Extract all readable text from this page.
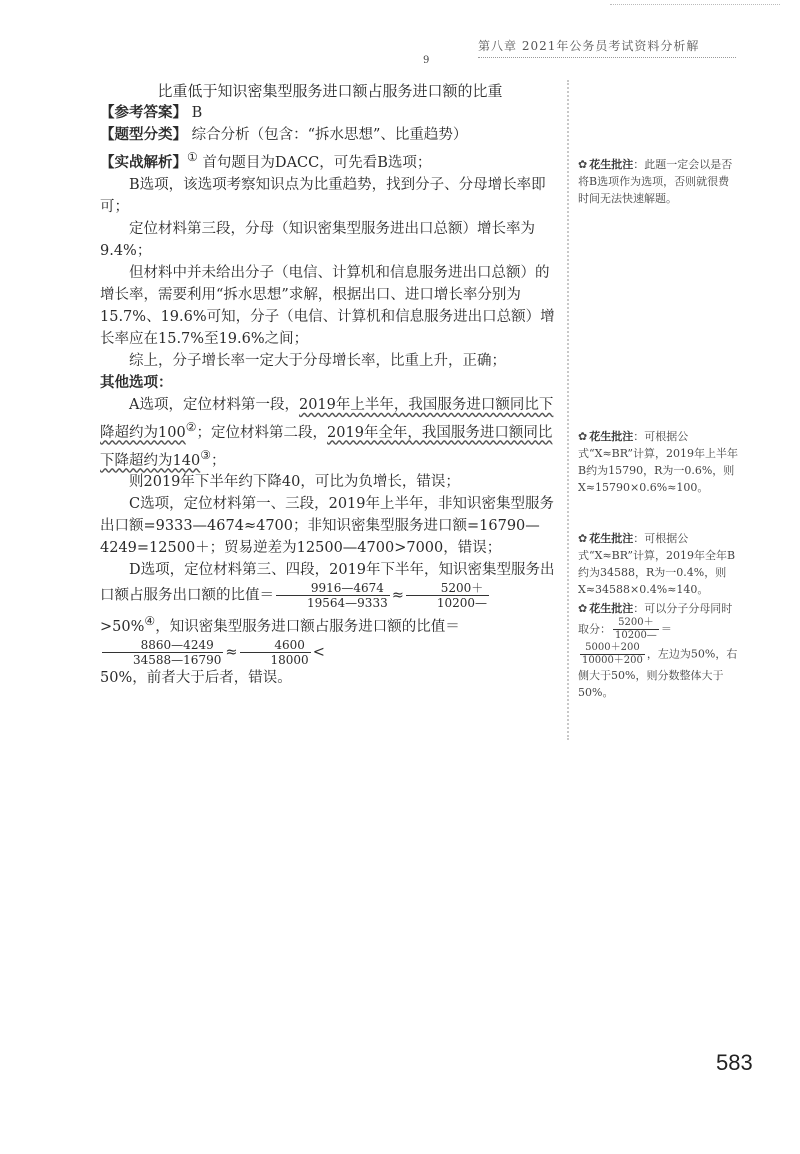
第八章 2021年公务员考试资料分析解
9

比重低于知识密集型服务进口额占服务进口额的比重

【参考答案】 B

【题型分类】 综合分析（包含：“拆水思想”、比重趋势）

【实战解析】① 首句题目为DACC，可先看B选项；

B选项，该选项考察知识点为比重趋势，找到分子、分母增长率即可；

定位材料第三段，分母（知识密集型服务进出口总额）增长率为9.4%；

但材料中并未给出分子（电信、计算机和信息服务进出口总额）的增长率，需要利用“拆水思想”求解，根据出口、进口增长率分别为15.7%、19.6%可知，分子（电信、计算机和信息服务进出口总额）增长率应在15.7%至19.6%之间；

综上，分子增长率一定大于分母增长率，比重上升，正确；

其他选项：

A选项，定位材料第一段，2019年上半年，我国服务进口额同比下降超约为100②；定位材料第二段，2019年全年，我国服务进口额同比下降超约为140③；

则2019年下半年约下降40，可比为负增长，错误；

C选项，定位材料第一、三段，2019年上半年，非知识密集型服务出口额=9333—4674≈4700；非知识密集型服务进口额=16790—4249=12500＋；贸易逆差为12500—4700>7000，错误；

D选项，定位材料第三、四段，2019年下半年，知识密集型服务出口额占服务出口额的比值＝ $\frac{9916—4674}{19564—9333} \approx \frac{5200+}{10200—}$
>50%④，知识密集型服务进口额占服务进口额的比值＝
$\frac{8860—4249}{34588—16790} \approx \frac{4600}{18000}$ <

50%，前者大于后者，错误。

✿ 花生批注：此题一定会以是否将B选项作为选项，否则就很费时间无法快速解题。
✿ 花生批注：可根据公式“X≈BR”计算，2019年上半年B约为15790，R为一0.6%，则X≈15790×0.6%≈100。
✿ 花生批注：可根据公式“X≈BR”计算，2019年全年B约为34588，R为一0.4%，则X≈34588×0.4%≈140。
✿ 花生批注：可以分子分母同时取分： $\frac{5200+}{10200—}$ ＝
$\frac{5000+200}{10000+200}$ ，左边为50%，右侧大于50%，则分数整体大于50%。
583
